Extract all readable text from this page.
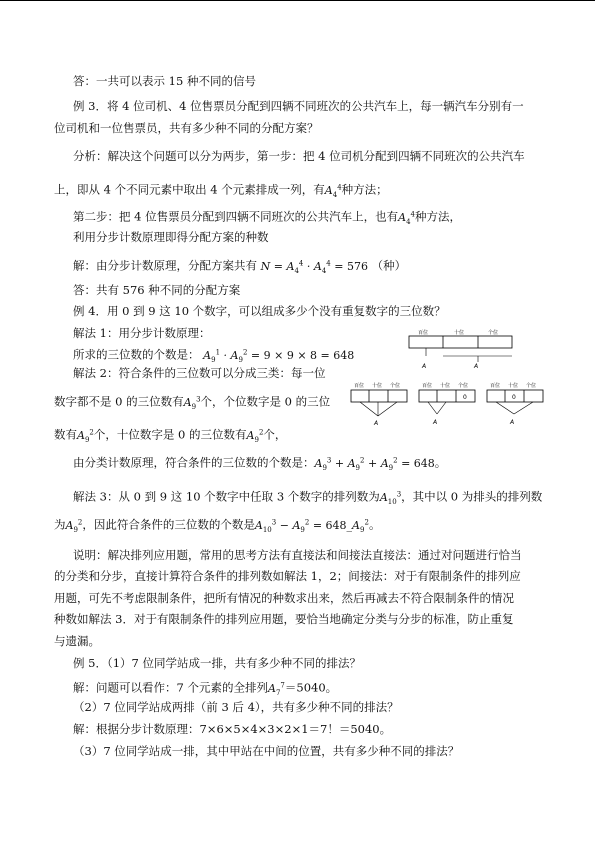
答：一共可以表示 15 种不同的信号
例 3．将 4 位司机、4 位售票员分配到四辆不同班次的公共汽车上，每一辆汽车分别有一
位司机和一位售票员，共有多少种不同的分配方案？
分析：解决这个问题可以分为两步，第一步：把 4 位司机分配到四辆不同班次的公共汽车
上，即从 4 个不同元素中取出 4 个元素排成一列，有$A_4^4$种方法；
第二步：把 4 位售票员分配到四辆不同班次的公共汽车上，也有$A_4^4$种方法，
利用分步计数原理即得分配方案的种数
解：由分步计数原理，分配方案共有 $N = A_4^4 \cdot A_4^4 = 576$ （种）
答：共有 576 种不同的分配方案
例 4．用 0 到 9 这 10 个数字，可以组成多少个没有重复数字的三位数？
解法 1：用分步计数原理：
所求的三位数的个数是： $A_9^1 \cdot A_9^2 = 9 \times 9 \times 8 = 648$
解法 2：符合条件的三位数可以分成三类：每一位
数字都不是 0 的三位数有$A_9^3$个，个位数字是 0 的三位
数有$A_9^2$个，十位数字是 0 的三位数有$A_9^2$个，
由分类计数原理，符合条件的三位数的个数是：$A_9^3 + A_9^2 + A_9^2 = 648$。
解法 3：从 0 到 9 这 10 个数字中任取 3 个数字的排列数为$A_{10}^3$，其中以 0 为排头的排列数
为$A_9^2$，因此符合条件的三位数的个数是$A_{10}^3 - A_9^2$ = $648\_A_9^2$。
说明：解决排列应用题，常用的思考方法有直接法和间接法直接法：通过对问题进行恰当
的分类和分步，直接计算符合条件的排列数如解法 1，2；间接法：对于有限制条件的排列应
用题，可先不考虑限制条件，把所有情况的种数求出来，然后再减去不符合限制条件的情况
种数如解法 3．对于有限制条件的排列应用题，要恰当地确定分类与分步的标准，防止重复
与遗漏。
例 5．（1）7 位同学站成一排，共有多少种不同的排法？
解：问题可以看作：7 个元素的全排列$A_7^7=5040$。
（2）7 位同学站成两排（前 3 后 4），共有多少种不同的排法？
解：根据分步计数原理：7×6×5×4×3×2×1＝7！＝5040。
（3）7 位同学站成一排，其中甲站在中间的位置，共有多少种不同的排法？
百位	十位	个位
A	A
百位 十位 个位
A
百位 十位 个位
0
A
百位 十位 个位
0
A
